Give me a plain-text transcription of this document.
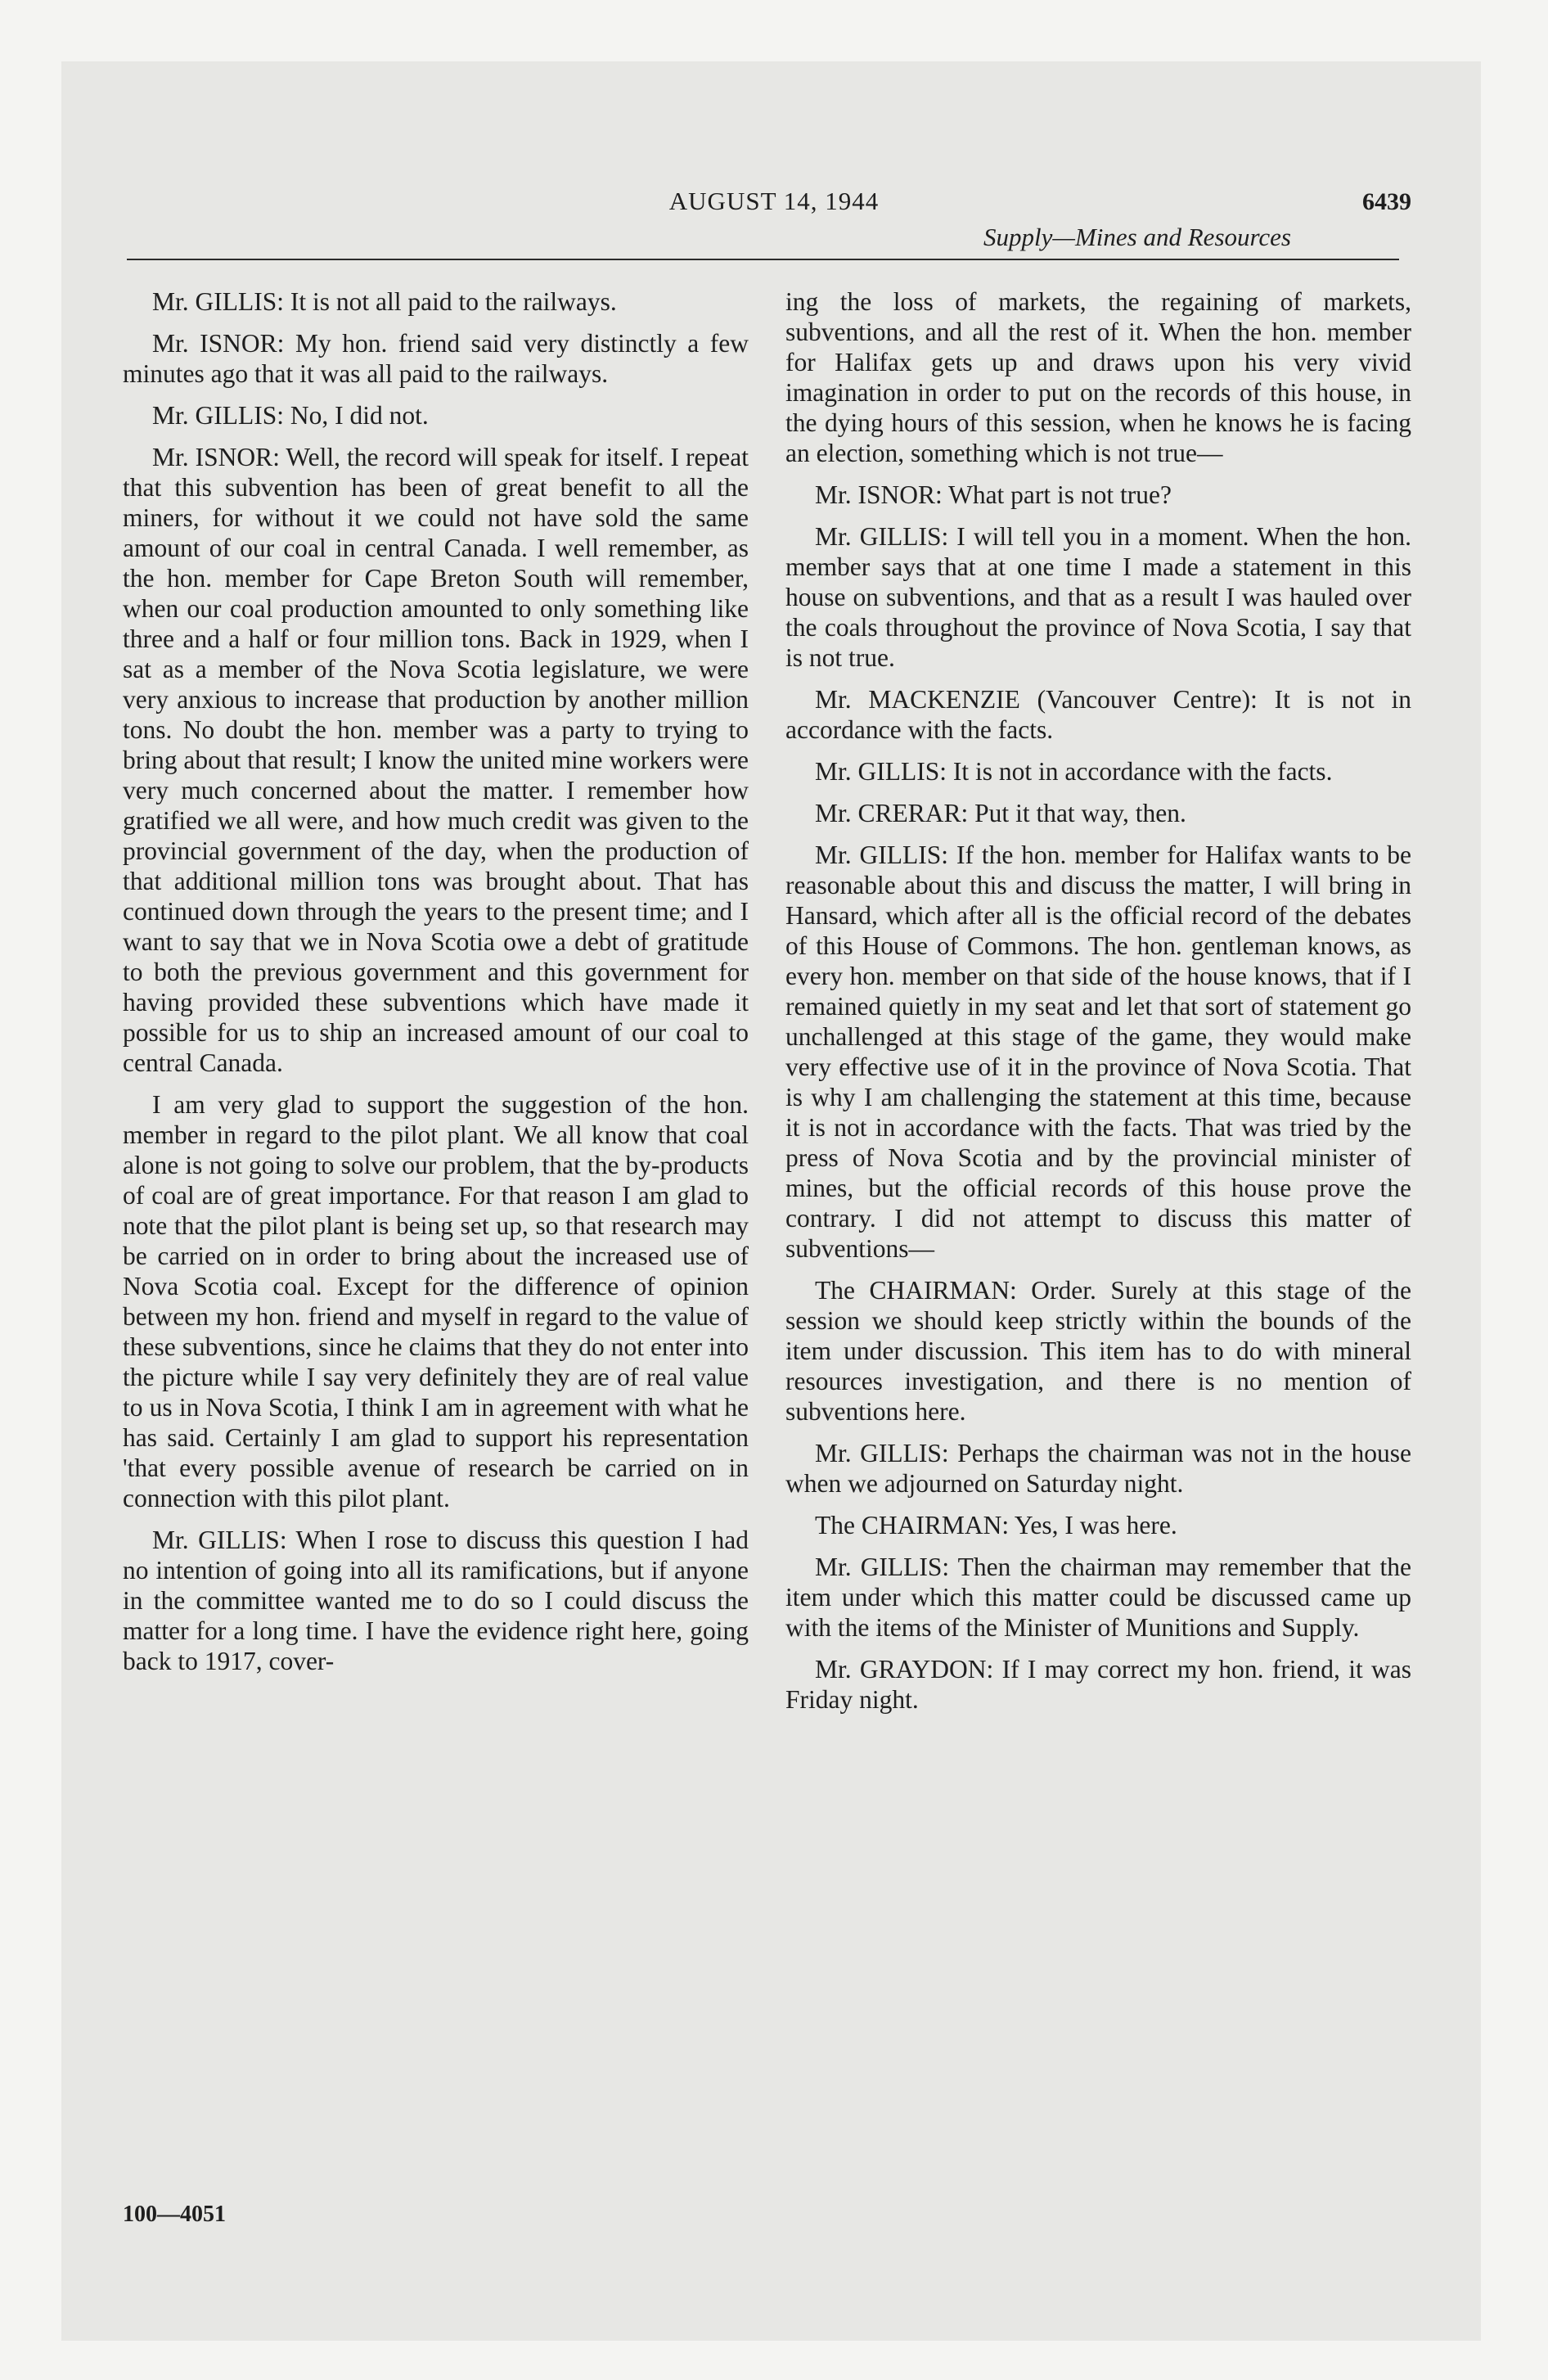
AUGUST 14, 1944	6439
Supply—Mines and Resources

Mr. GILLIS: It is not all paid to the railways.

Mr. ISNOR: My hon. friend said very distinctly a few minutes ago that it was all paid to the railways.

Mr. GILLIS: No, I did not.

Mr. ISNOR: Well, the record will speak for itself. I repeat that this subvention has been of great benefit to all the miners, for without it we could not have sold the same amount of our coal in central Canada. I well remember, as the hon. member for Cape Breton South will remember, when our coal production amounted to only something like three and a half or four million tons. Back in 1929, when I sat as a member of the Nova Scotia legislature, we were very anxious to increase that production by another million tons. No doubt the hon. member was a party to trying to bring about that result; I know the united mine workers were very much concerned about the matter. I remember how gratified we all were, and how much credit was given to the provincial government of the day, when the production of that additional million tons was brought about. That has continued down through the years to the present time; and I want to say that we in Nova Scotia owe a debt of gratitude to both the previous government and this government for having provided these subventions which have made it possible for us to ship an increased amount of our coal to central Canada.

I am very glad to support the suggestion of the hon. member in regard to the pilot plant. We all know that coal alone is not going to solve our problem, that the by-products of coal are of great importance. For that reason I am glad to note that the pilot plant is being set up, so that research may be carried on in order to bring about the increased use of Nova Scotia coal. Except for the difference of opinion between my hon. friend and myself in regard to the value of these subventions, since he claims that they do not enter into the picture while I say very definitely they are of real value to us in Nova Scotia, I think I am in agreement with what he has said. Certainly I am glad to support his representation 'that every possible avenue of research be carried on in connection with this pilot plant.

Mr. GILLIS: When I rose to discuss this question I had no intention of going into all its ramifications, but if anyone in the committee wanted me to do so I could discuss the matter for a long time. I have the evidence right here, going back to 1917, cover-

ing the loss of markets, the regaining of markets, subventions, and all the rest of it. When the hon. member for Halifax gets up and draws upon his very vivid imagination in order to put on the records of this house, in the dying hours of this session, when he knows he is facing an election, something which is not true—

Mr. ISNOR: What part is not true?

Mr. GILLIS: I will tell you in a moment. When the hon. member says that at one time I made a statement in this house on subventions, and that as a result I was hauled over the coals throughout the province of Nova Scotia, I say that is not true.

Mr. MACKENZIE (Vancouver Centre): It is not in accordance with the facts.

Mr. GILLIS: It is not in accordance with the facts.

Mr. CRERAR: Put it that way, then.

Mr. GILLIS: If the hon. member for Halifax wants to be reasonable about this and discuss the matter, I will bring in Hansard, which after all is the official record of the debates of this House of Commons. The hon. gentleman knows, as every hon. member on that side of the house knows, that if I remained quietly in my seat and let that sort of statement go unchallenged at this stage of the game, they would make very effective use of it in the province of Nova Scotia. That is why I am challenging the statement at this time, because it is not in accordance with the facts. That was tried by the press of Nova Scotia and by the provincial minister of mines, but the official records of this house prove the contrary. I did not attempt to discuss this matter of subventions—

The CHAIRMAN: Order. Surely at this stage of the session we should keep strictly within the bounds of the item under discussion. This item has to do with mineral resources investigation, and there is no mention of subventions here.

Mr. GILLIS: Perhaps the chairman was not in the house when we adjourned on Saturday night.

The CHAIRMAN: Yes, I was here.

Mr. GILLIS: Then the chairman may remember that the item under which this matter could be discussed came up with the items of the Minister of Munitions and Supply.

Mr. GRAYDON: If I may correct my hon. friend, it was Friday night.

100—4051
